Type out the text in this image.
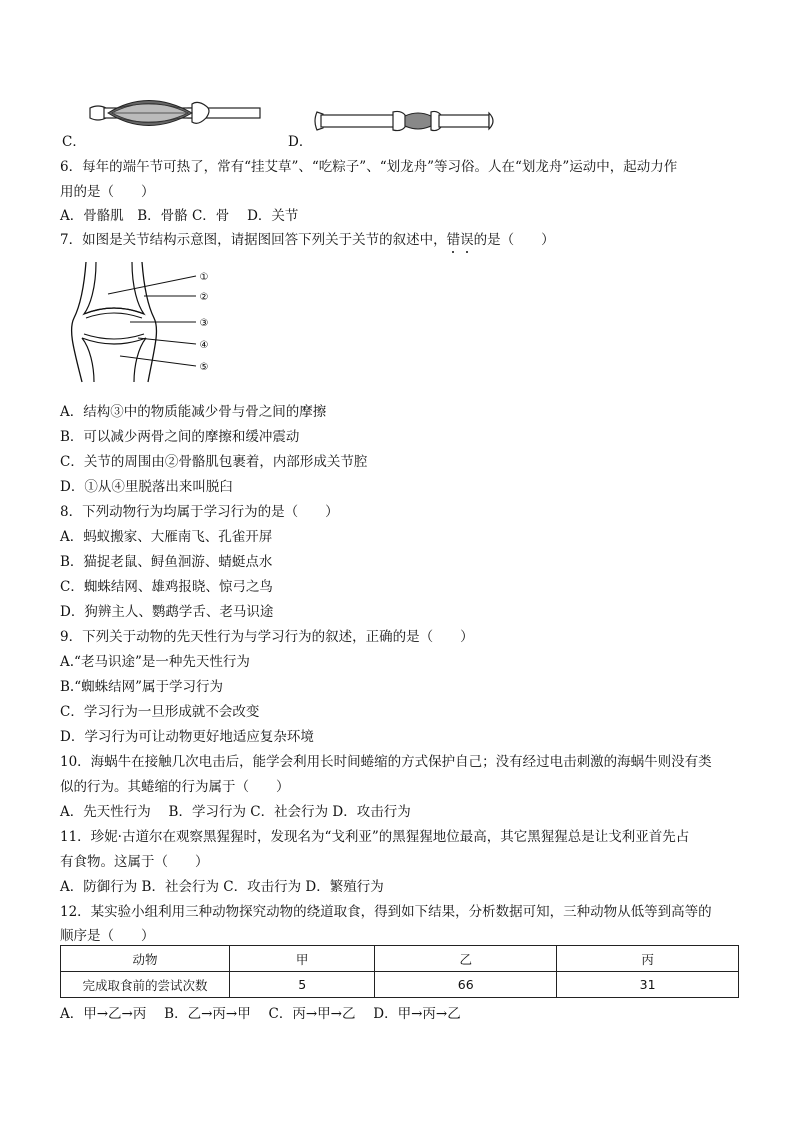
C．	D．
6．每年的端午节可热了，常有“挂艾草”、“吃粽子”、“划龙舟”等习俗。人在“划龙舟”运动中，起动力作
用的是（　　）
A．骨骼肌　B．骨骼 C．骨　 D．关节
7．如图是关节结构示意图，请据图回答下列关于关节的叙述中，错误的是（　　）
①
②
③
④
⑤
A．结构③中的物质能减少骨与骨之间的摩擦
B．可以减少两骨之间的摩擦和缓冲震动
C．关节的周围由②骨骼肌包裹着，内部形成关节腔
D．①从④里脱落出来叫脱臼
8．下列动物行为均属于学习行为的是（　　）
A．蚂蚁搬家、大雁南飞、孔雀开屏
B．猫捉老鼠、鲟鱼洄游、蜻蜓点水
C．蜘蛛结网、雄鸡报晓、惊弓之鸟
D．狗辨主人、鹦鹉学舌、老马识途
9．下列关于动物的先天性行为与学习行为的叙述，正确的是（　　）
A.“老马识途”是一种先天性行为
B.“蜘蛛结网”属于学习行为
C．学习行为一旦形成就不会改变
D．学习行为可让动物更好地适应复杂环境
10．海蜗牛在接触几次电击后，能学会利用长时间蜷缩的方式保护自己；没有经过电击刺激的海蜗牛则没有类
似的行为。其蜷缩的行为属于（　　）
A．先天性行为　 B．学习行为 C．社会行为 D．攻击行为
11．珍妮·古道尔在观察黑猩猩时，发现名为“戈利亚”的黑猩猩地位最高，其它黑猩猩总是让戈利亚首先占
有食物。这属于（　　）
A．防御行为 B．社会行为 C．攻击行为 D．繁殖行为
12．某实验小组利用三种动物探究动物的绕道取食，得到如下结果，分析数据可知，三种动物从低等到高等的
顺序是（　　）
动物	甲	乙	丙
完成取食前的尝试次数	5	66	31
A．甲→乙→丙　 B．乙→丙→甲　 C．丙→甲→乙　 D．甲→丙→乙
